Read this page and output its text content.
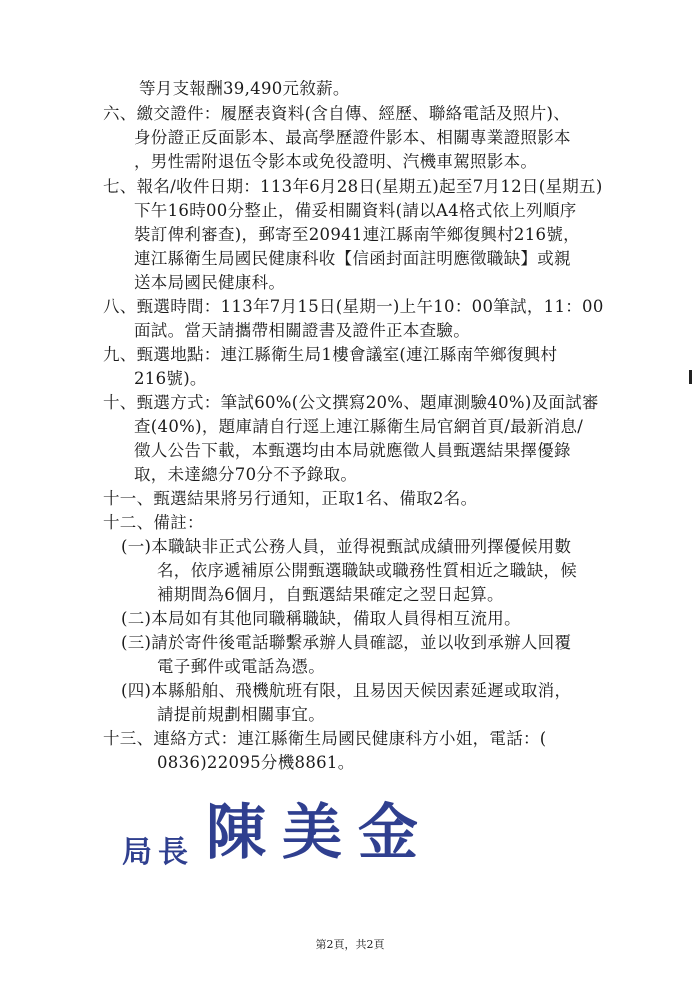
等月支報酬39,490元敘薪。
六、繳交證件：履歷表資料(含自傳、經歷、聯絡電話及照片)、
身份證正反面影本、最高學歷證件影本、相關專業證照影本
，男性需附退伍令影本或免役證明、汽機車駕照影本。
七、報名/收件日期：113年6月28日(星期五)起至7月12日(星期五)
下午16時00分整止，備妥相關資料(請以A4格式依上列順序
裝訂俾利審查)，郵寄至20941連江縣南竿鄉復興村216號，
連江縣衛生局國民健康科收【信函封面註明應徵職缺】或親
送本局國民健康科。
八、甄選時間：113年7月15日(星期一)上午10：00筆試，11：00
面試。當天請攜帶相關證書及證件正本查驗。
九、甄選地點：連江縣衛生局1樓會議室(連江縣南竿鄉復興村
216號)。
十、甄選方式：筆試60%(公文撰寫20%、題庫測驗40%)及面試審
查(40%)，題庫請自行逕上連江縣衛生局官網首頁/最新消息/
徵人公告下載，本甄選均由本局就應徵人員甄選結果擇優錄
取，未達總分70分不予錄取。
十一、甄選結果將另行通知，正取1名、備取2名。
十二、備註：
(一)本職缺非正式公務人員，並得視甄試成績冊列擇優候用數
名，依序遞補原公開甄選職缺或職務性質相近之職缺，候
補期間為6個月，自甄選結果確定之翌日起算。
(二)本局如有其他同職稱職缺，備取人員得相互流用。
(三)請於寄件後電話聯繫承辦人員確認，並以收到承辦人回覆
電子郵件或電話為憑。
(四)本縣船舶、飛機航班有限，且易因天候因素延遲或取消，
請提前規劃相關事宜。
十三、連絡方式：連江縣衛生局國民健康科方小姐，電話：(
0836)22095分機8861。
局長 陳美金
第2頁，共2頁
